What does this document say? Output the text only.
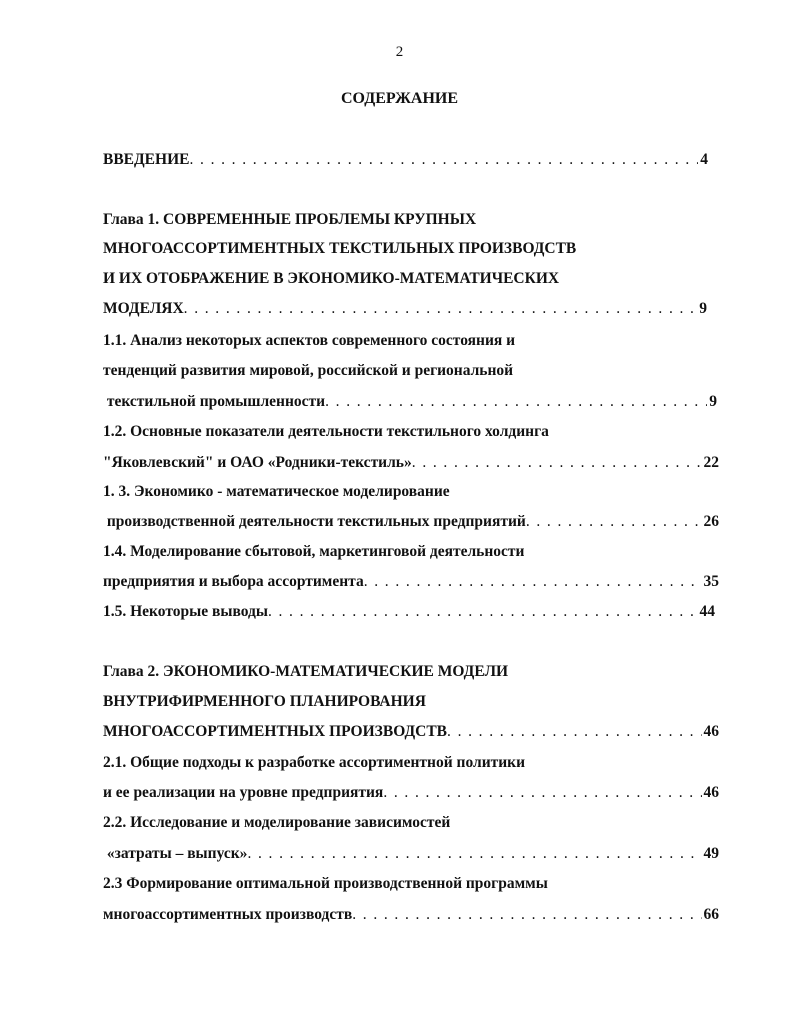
2
СОДЕРЖАНИЕ
ВВЕДЕНИЕ . . .	4
Глава 1. СОВРЕМЕННЫЕ ПРОБЛЕМЫ КРУПНЫХ
МНОГОАССОРТИМЕНТНЫХ ТЕКСТИЛЬНЫХ ПРОИЗВОДСТВ
И ИХ ОТОБРАЖЕНИЕ В ЭКОНОМИКО-МАТЕМАТИЧЕСКИХ
МОДЕЛЯХ . . .	9
1.1. Анализ некоторых аспектов современного состояния и
тенденций развития мировой, российской и региональной
текстильной промышленности . . .	9
1.2. Основные показатели деятельности текстильного холдинга
"Яковлевский" и ОАО «Родники-текстиль» . . .	22
1. 3. Экономико - математическое моделирование
производственной деятельности текстильных предприятий . . .	26
1.4. Моделирование сбытовой, маркетинговой деятельности
предприятия и выбора ассортимента . . .	35
1.5. Некоторые выводы . . .	44
Глава 2. ЭКОНОМИКО-МАТЕМАТИЧЕСКИЕ МОДЕЛИ
ВНУТРИФИРМЕННОГО ПЛАНИРОВАНИЯ
МНОГОАССОРТИМЕНТНЫХ ПРОИЗВОДСТВ . . .	46
2.1. Общие подходы к разработке ассортиментной политики
и ее реализации на уровне предприятия . . .	46
2.2. Исследование и моделирование зависимостей
«затраты – выпуск» . . .	49
2.3 Формирование оптимальной производственной программы
многоассортиментных производств . . .	66
